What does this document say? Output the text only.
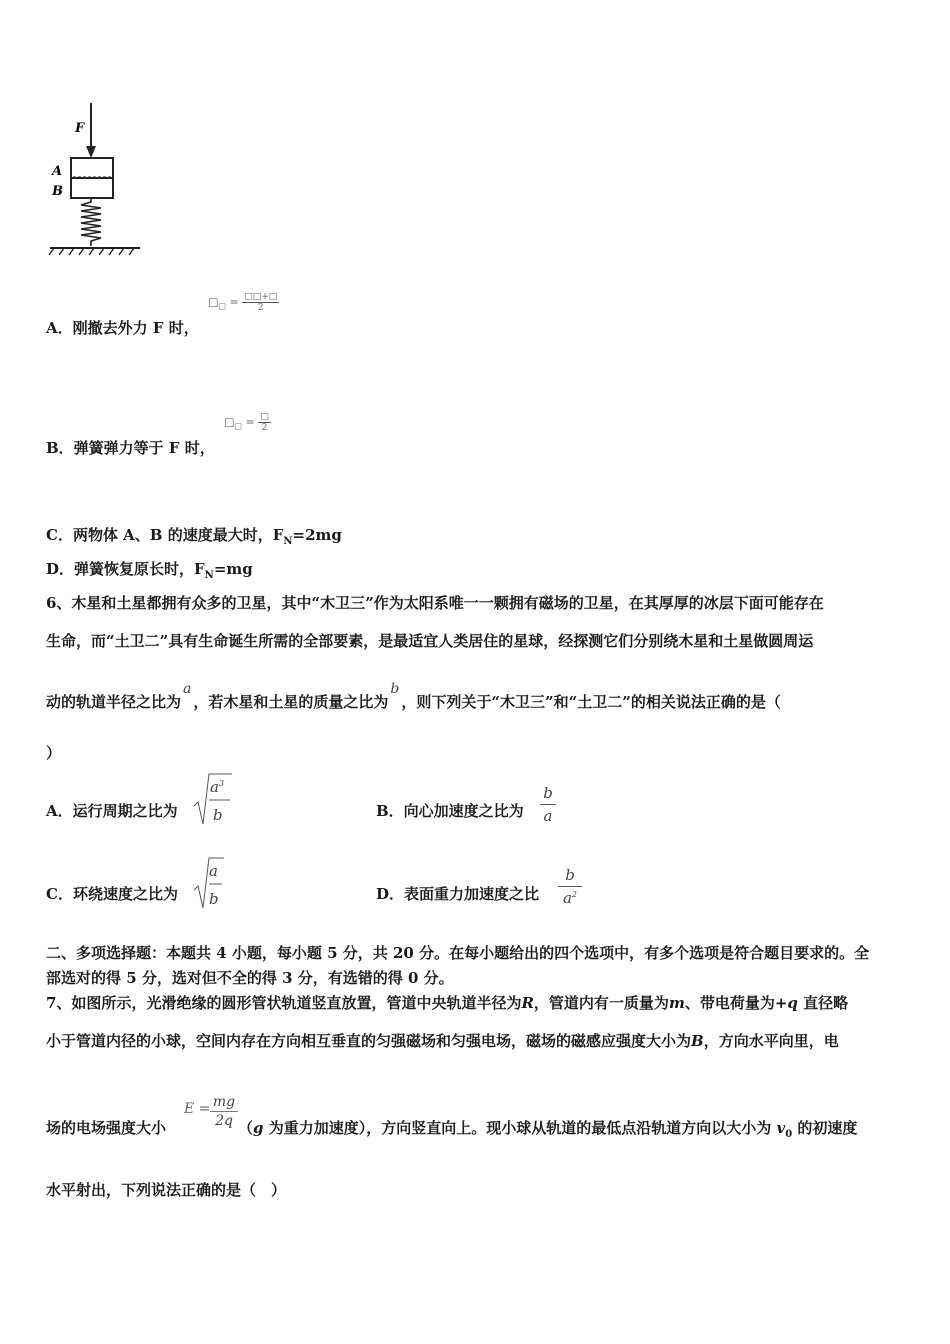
F
A
B
A．刚撤去外力 F 时，
$□_□ = \frac{□□+□}{2}$
B．弹簧弹力等于 F 时，
$□_□ = \frac{□}{2}$
C．两物体 A、B 的速度最大时，$F_N=2mg$
D．弹簧恢复原长时，$F_N=mg$
6、木星和土星都拥有众多的卫星，其中“木卫三”作为太阳系唯一一颗拥有磁场的卫星，在其厚厚的冰层下面可能存在
生命，而“土卫二”具有生命诞生所需的全部要素，是最适宜人类居住的星球，经探测它们分别绕木星和土星做圆周运
动的轨道半径之比为a，若木星和土星的质量之比为b，则下列关于“木卫三”和“土卫二”的相关说法正确的是（
）
A．运行周期之比为
$a^3$
b	B．向心加速度之比为
b
a
C．环绕速度之比为
a
b	D．表面重力加速度之比
b
$a^2$
二、多项选择题：本题共 4 小题，每小题 5 分，共 20 分。在每小题给出的四个选项中，有多个选项是符合题目要求的。全
部选对的得 5 分，选对但不全的得 3 分，有选错的得 0 分。
7、如图所示，光滑绝缘的圆形管状轨道竖直放置，管道中央轨道半径为R，管道内有一质量为m、带电荷量为+q 直径略
小于管道内径的小球，空间内存在方向相互垂直的匀强磁场和匀强电场，磁场的磁感应强度大小为B，方向水平向里，电
场的电场强度大小	（g 为重力加速度），方向竖直向上。现小球从轨道的最低点沿轨道方向以大小为 $v_0$ 的初速度
E = mg
2q
水平射出，下列说法正确的是（　）
